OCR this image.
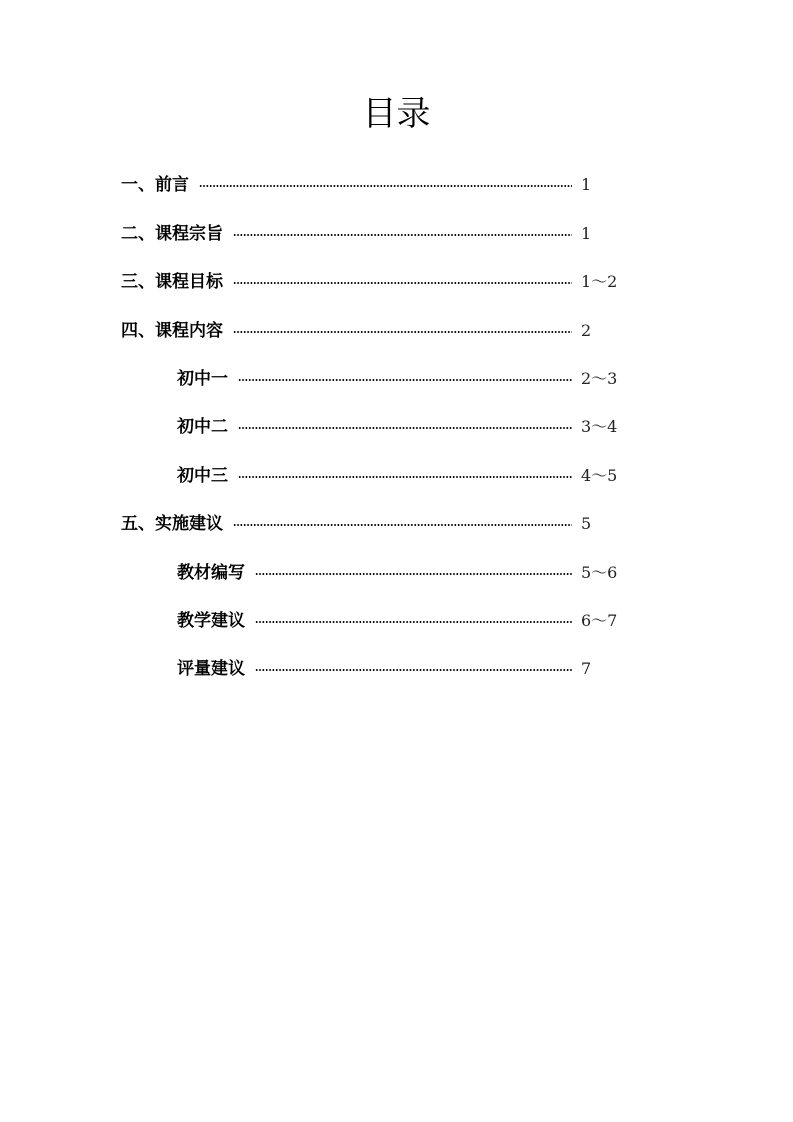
目录
一、前言	1
二、课程宗旨	1
三、课程目标	1～2
四、课程内容	2
初中一	2～3
初中二	3～4
初中三	4～5
五、实施建议	5
教材编写	5～6
教学建议	6～7
评量建议	7
